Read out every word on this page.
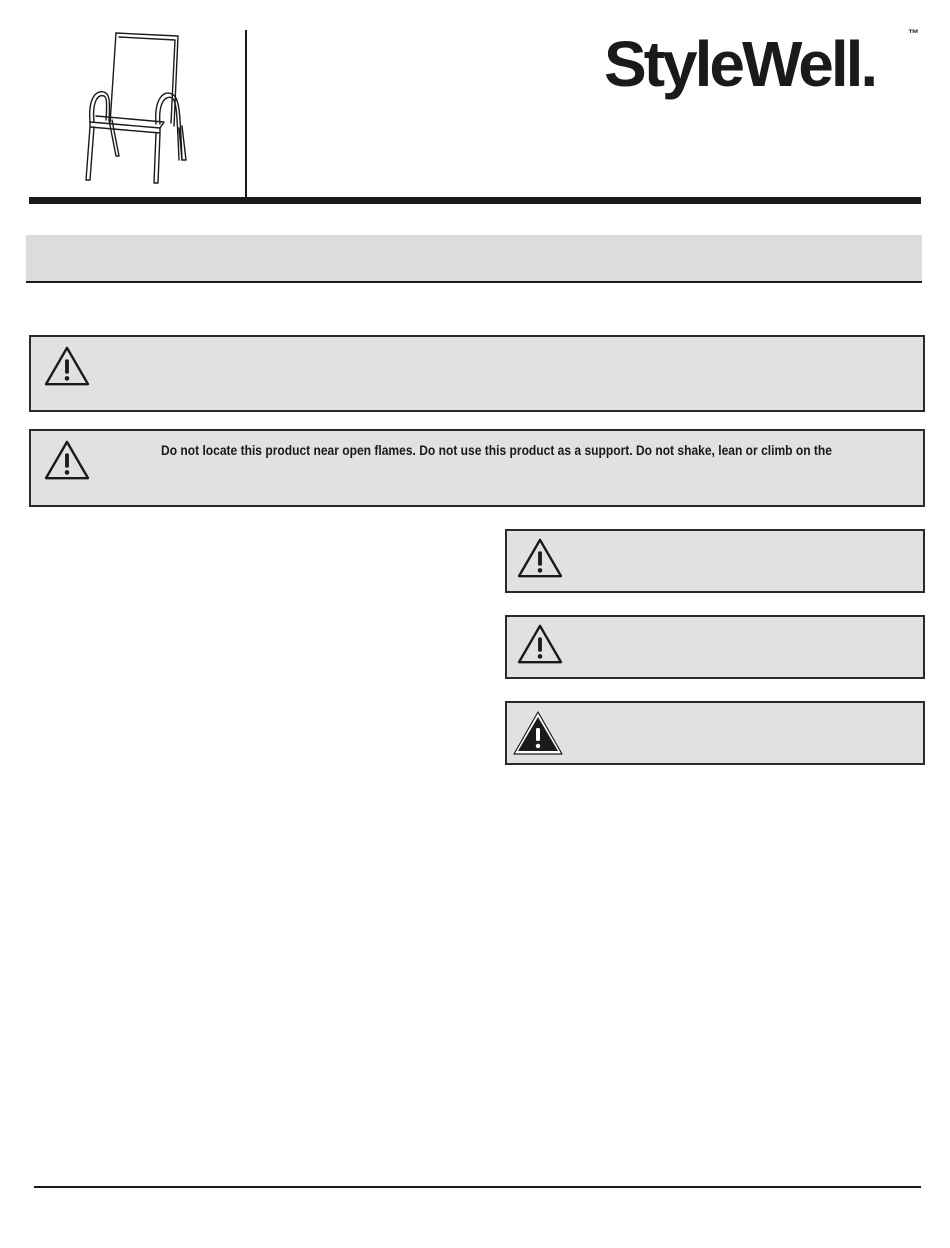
StyleWell.	™
Do not locate this product near open flames. Do not use this product as a support. Do not shake, lean or climb on the
